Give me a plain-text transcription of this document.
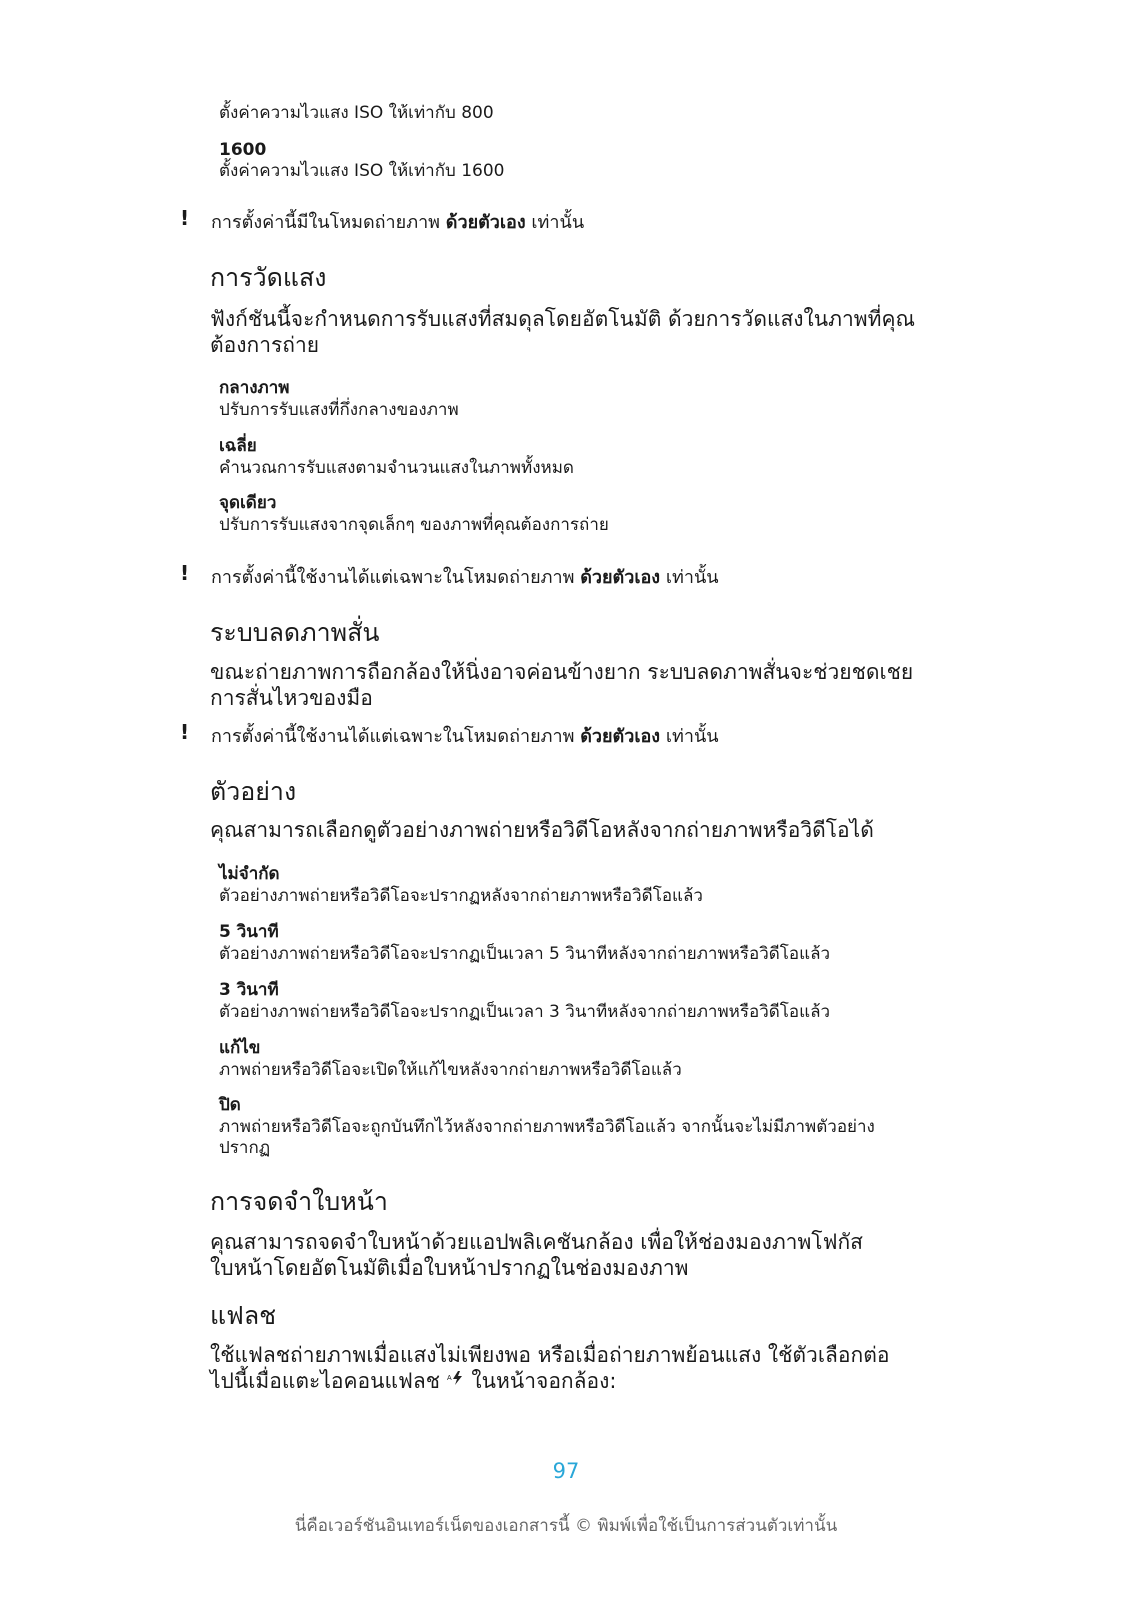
ตั้งค่าความไวแสง ISO ให้เท่ากับ 800
1600
ตั้งค่าความไวแสง ISO ให้เท่ากับ 1600
! การตั้งค่านี้มีในโหมดถ่ายภาพ ด้วยตัวเอง เท่านั้น
การวัดแสง
ฟังก์ชันนี้จะกำหนดการรับแสงที่สมดุลโดยอัตโนมัติ ด้วยการวัดแสงในภาพที่คุณ
ต้องการถ่าย
กลางภาพ
ปรับการรับแสงที่กึ่งกลางของภาพ
เฉลี่ย
คำนวณการรับแสงตามจำนวนแสงในภาพทั้งหมด
จุดเดียว
ปรับการรับแสงจากจุดเล็กๆ ของภาพที่คุณต้องการถ่าย
! การตั้งค่านี้ใช้งานได้แต่เฉพาะในโหมดถ่ายภาพ ด้วยตัวเอง เท่านั้น
ระบบลดภาพสั่น
ขณะถ่ายภาพการถือกล้องให้นิ่งอาจค่อนข้างยาก ระบบลดภาพสั่นจะช่วยชดเชย
การสั่นไหวของมือ
! การตั้งค่านี้ใช้งานได้แต่เฉพาะในโหมดถ่ายภาพ ด้วยตัวเอง เท่านั้น
ตัวอย่าง
คุณสามารถเลือกดูตัวอย่างภาพถ่ายหรือวิดีโอหลังจากถ่ายภาพหรือวิดีโอได้
ไม่จำกัด
ตัวอย่างภาพถ่ายหรือวิดีโอจะปรากฏหลังจากถ่ายภาพหรือวิดีโอแล้ว
5 วินาที
ตัวอย่างภาพถ่ายหรือวิดีโอจะปรากฏเป็นเวลา 5 วินาทีหลังจากถ่ายภาพหรือวิดีโอแล้ว
3 วินาที
ตัวอย่างภาพถ่ายหรือวิดีโอจะปรากฏเป็นเวลา 3 วินาทีหลังจากถ่ายภาพหรือวิดีโอแล้ว
แก้ไข
ภาพถ่ายหรือวิดีโอจะเปิดให้แก้ไขหลังจากถ่ายภาพหรือวิดีโอแล้ว
ปิด
ภาพถ่ายหรือวิดีโอจะถูกบันทึกไว้หลังจากถ่ายภาพหรือวิดีโอแล้ว จากนั้นจะไม่มีภาพตัวอย่าง
ปรากฏ
การจดจำใบหน้า
คุณสามารถจดจำใบหน้าด้วยแอปพลิเคชันกล้อง เพื่อให้ช่องมองภาพโฟกัส
ใบหน้าโดยอัตโนมัติเมื่อใบหน้าปรากฏในช่องมองภาพ
แฟลช
ใช้แฟลชถ่ายภาพเมื่อแสงไม่เพียงพอ หรือเมื่อถ่ายภาพย้อนแสง ใช้ตัวเลือกต่อ
ไปนี้เมื่อแตะไอคอนแฟลช A ในหน้าจอกล้อง:
97
นี่คือเวอร์ชันอินเทอร์เน็ตของเอกสารนี้ © พิมพ์เพื่อใช้เป็นการส่วนตัวเท่านั้น
